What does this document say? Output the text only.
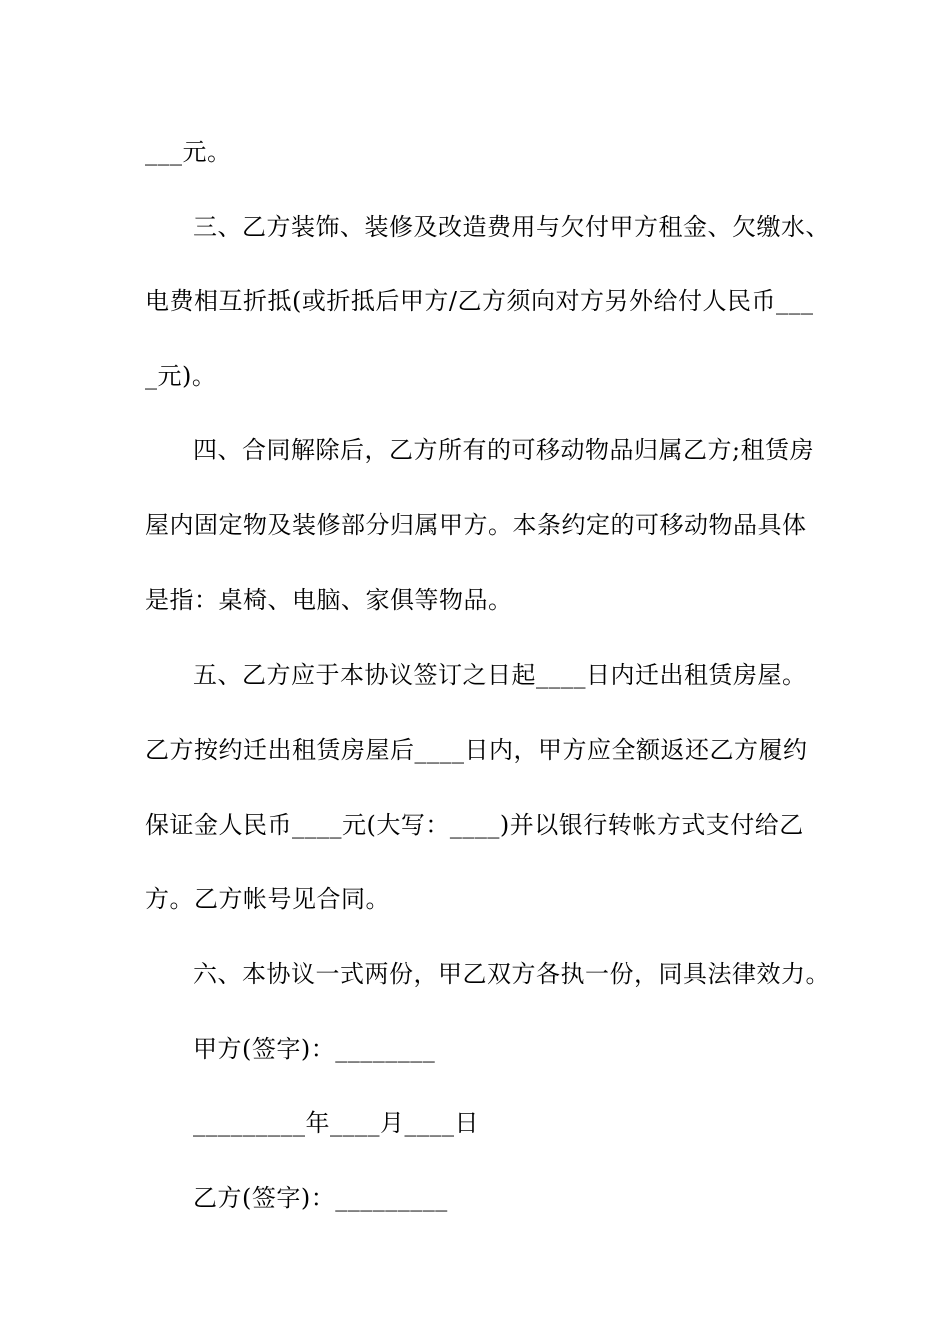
___元。
三、乙方装饰、装修及改造费用与欠付甲方租金、欠缴水、
电费相互折抵(或折抵后甲方/乙方须向对方另外给付人民币___
_元)。
四、合同解除后，乙方所有的可移动物品归属乙方;租赁房
屋内固定物及装修部分归属甲方。本条约定的可移动物品具体
是指：桌椅、电脑、家俱等物品。
五、乙方应于本协议签订之日起____日内迁出租赁房屋。
乙方按约迁出租赁房屋后____日内，甲方应全额返还乙方履约
保证金人民币____元(大写：____)并以银行转帐方式支付给乙
方。乙方帐号见合同。
六、本协议一式两份，甲乙双方各执一份，同具法律效力。
甲方(签字)：________
_________年____月____日
乙方(签字)：_________
